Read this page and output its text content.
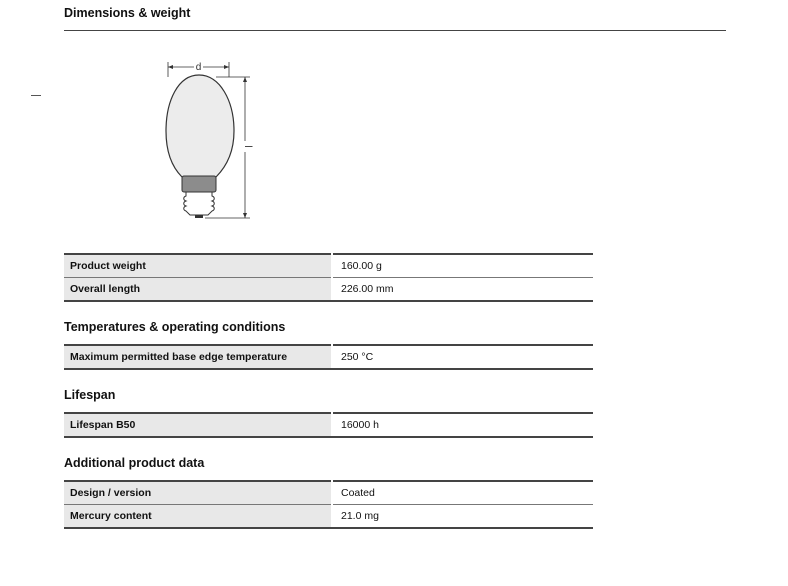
Dimensions & weight
d
l
Product weight	160.00 g
Overall length	226.00 mm
Temperatures & operating conditions
Maximum permitted base edge temperature	250 °C
Lifespan
Lifespan B50	16000 h
Additional product data
Design / version	Coated
Mercury content	21.0 mg
